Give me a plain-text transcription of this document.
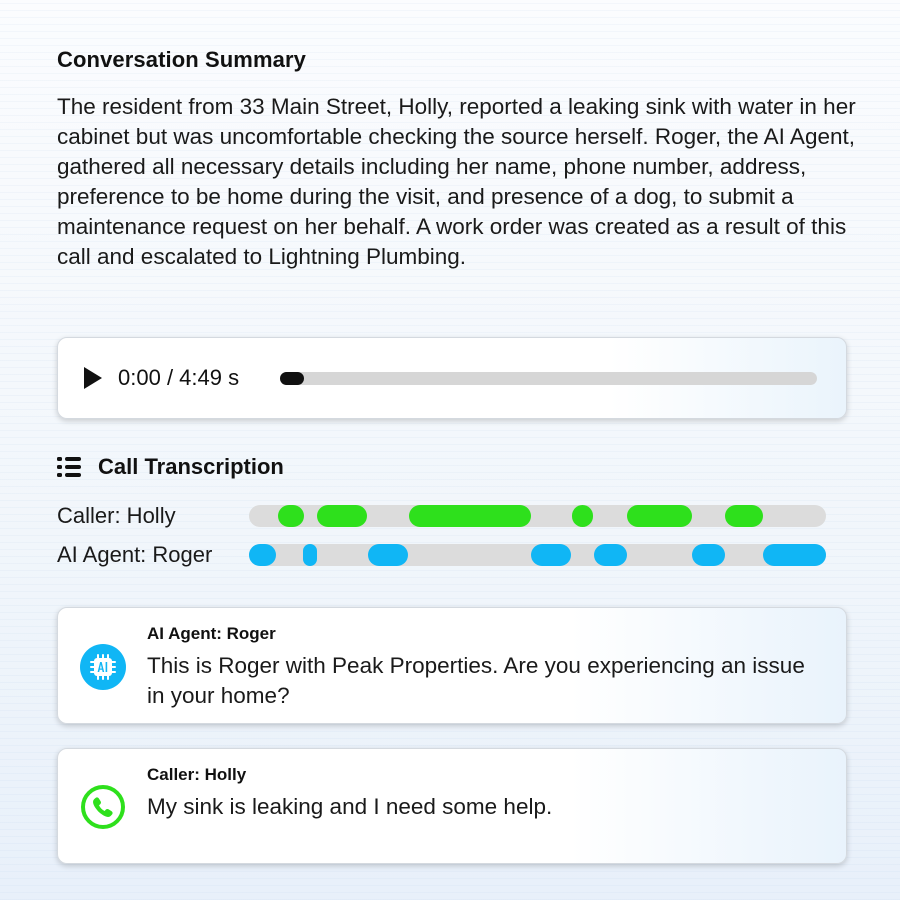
Conversation Summary
The resident from 33 Main Street, Holly, reported a leaking sink with water in her cabinet but was uncomfortable checking the source herself. Roger, the AI Agent, gathered all necessary details including her name, phone number, address, preference to be home during the visit, and presence of a dog, to submit a maintenance request on her behalf. A work order was created as a result of this call and escalated to Lightning Plumbing.
0:00 / 4:49 s
Call Transcription
Caller: Holly
AI Agent: Roger
AI Agent: Roger
This is Roger with Peak Properties. Are you experiencing an issue in your home?
Caller: Holly
My sink is leaking and I need some help.
